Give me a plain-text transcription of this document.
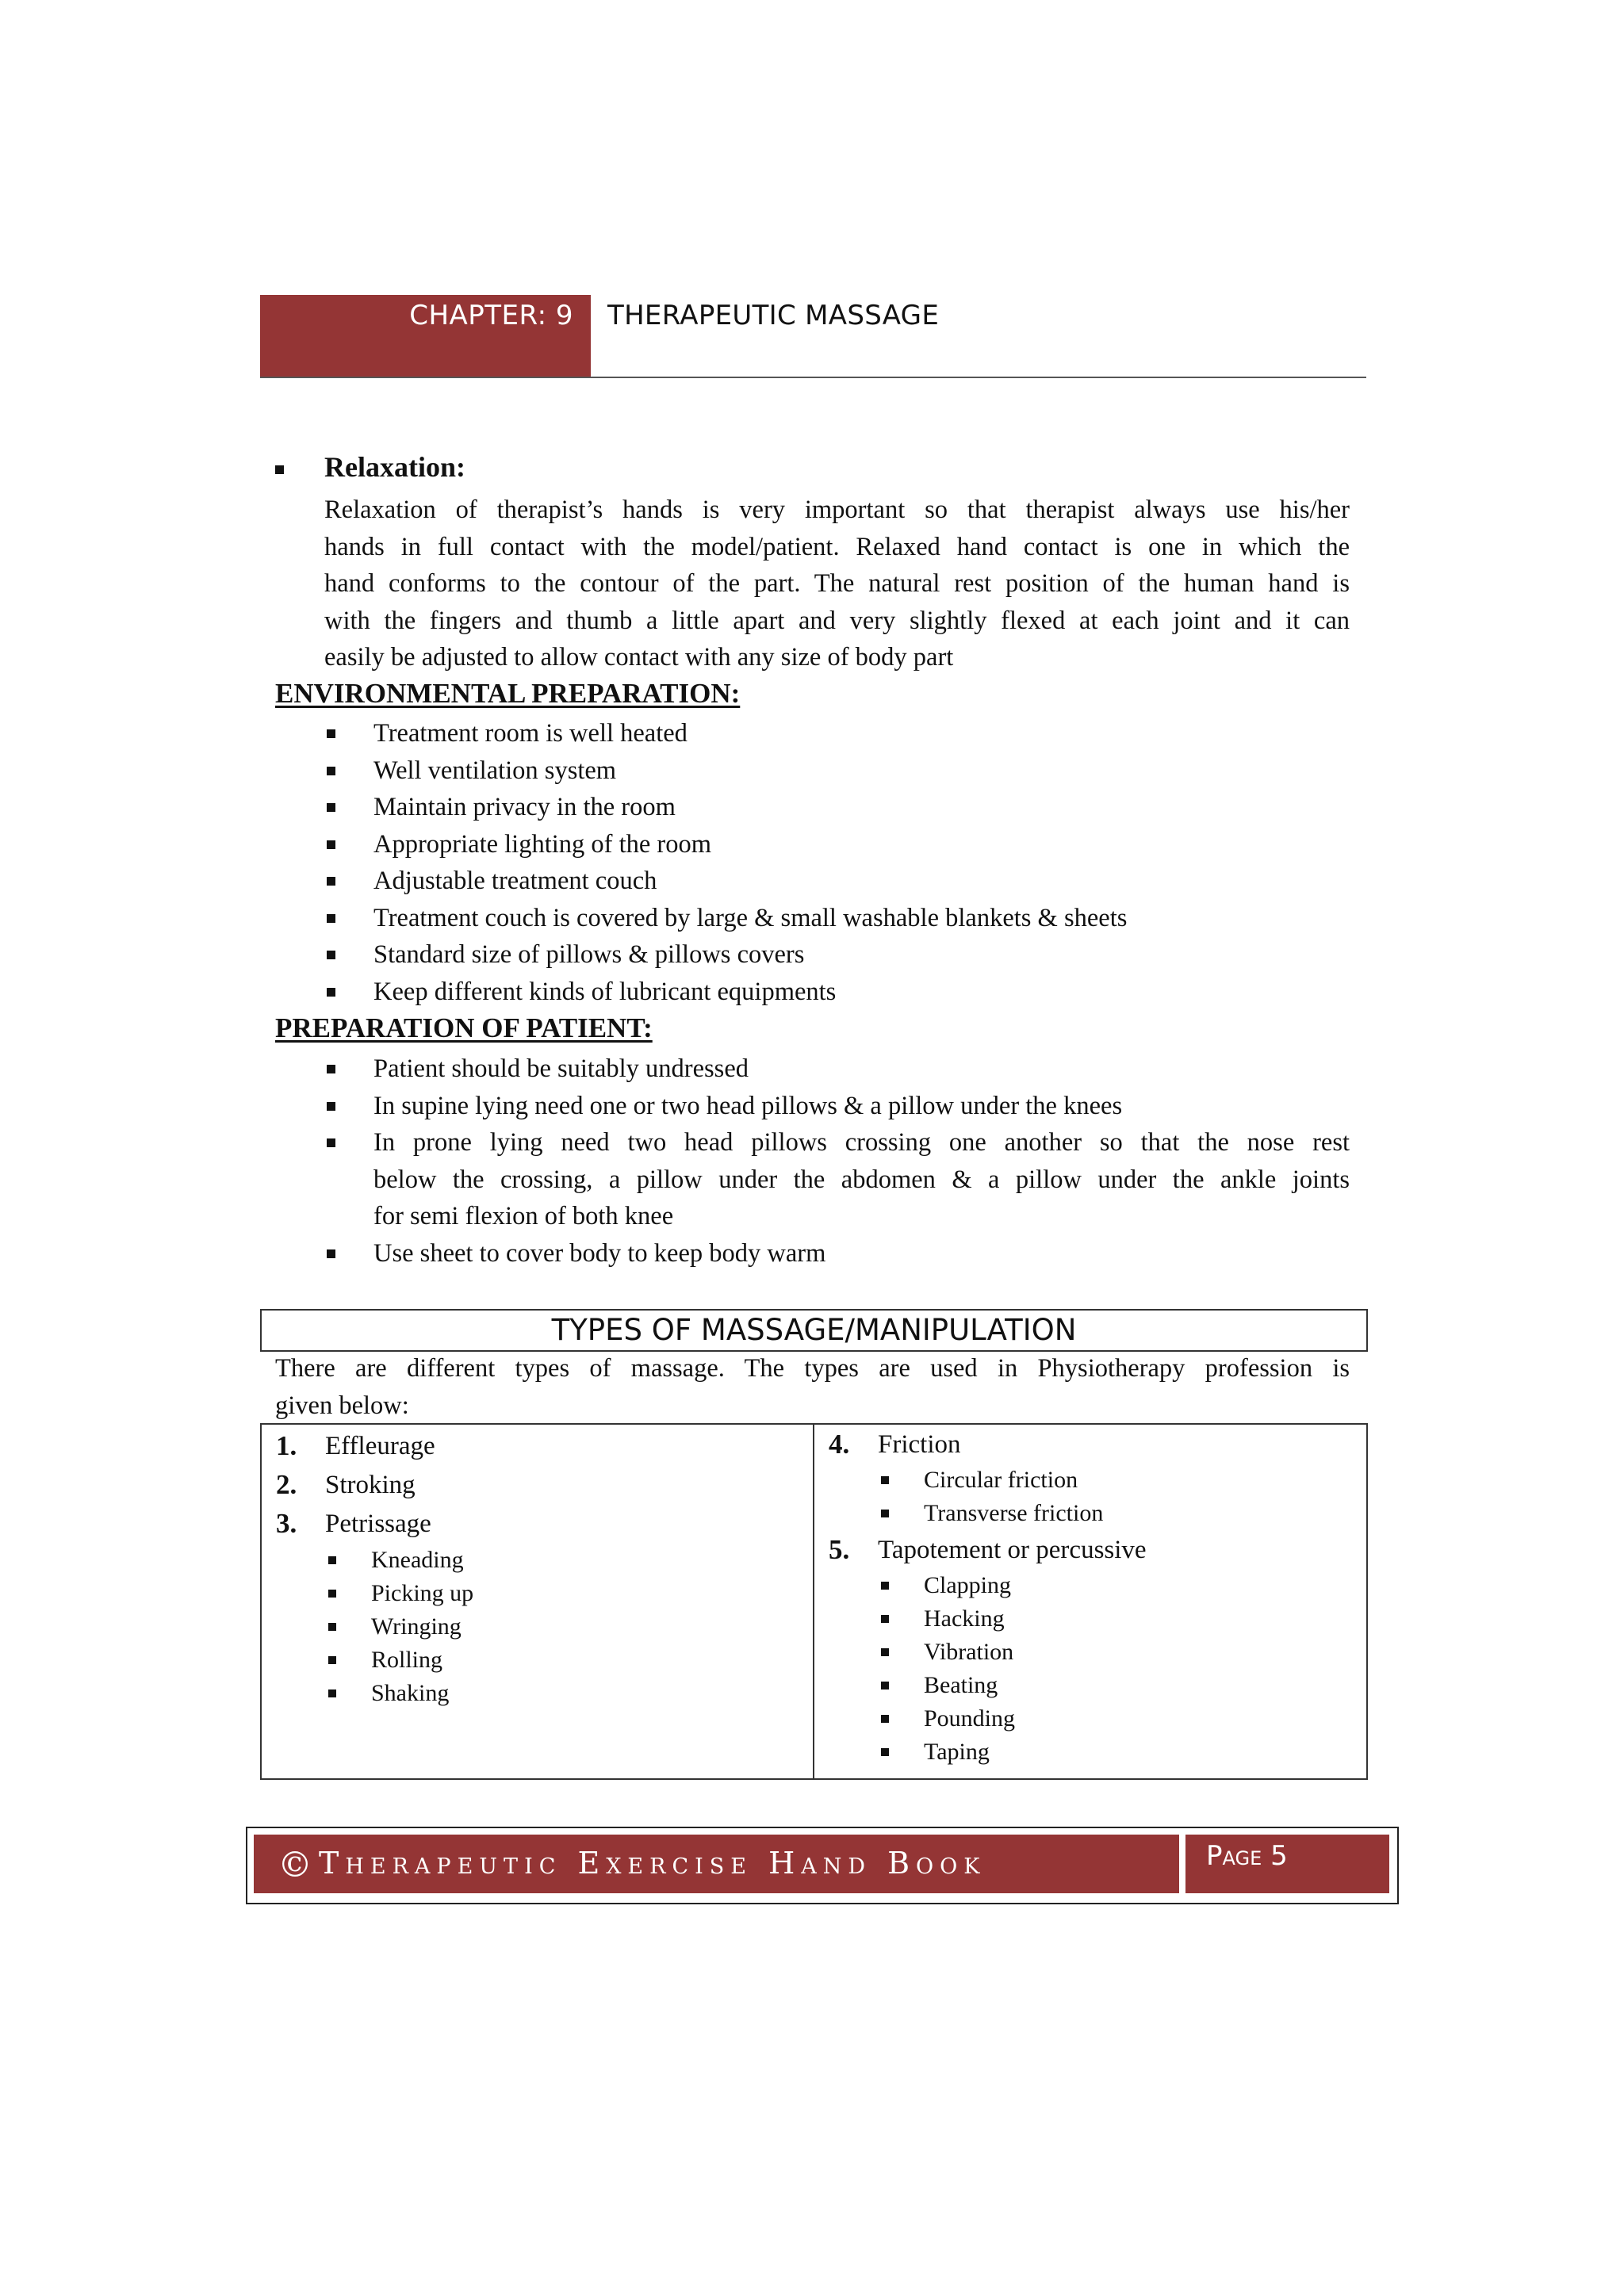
CHAPTER: 9 THERAPEUTIC MASSAGE
Relaxation:
Relaxation of therapist’s hands is very important so that therapist always use his/her
hands in full contact with the model/patient. Relaxed hand contact is one in which the
hand conforms to the contour of the part. The natural rest position of the human hand is
with the fingers and thumb a little apart and very slightly flexed at each joint and it can
easily be adjusted to allow contact with any size of body part
ENVIRONMENTAL PREPARATION:
Treatment room is well heated
Well ventilation system
Maintain privacy in the room
Appropriate lighting of the room
Adjustable treatment couch
Treatment couch is covered by large & small washable blankets & sheets
Standard size of pillows & pillows covers
Keep different kinds of lubricant equipments
PREPARATION OF PATIENT:
Patient should be suitably undressed
In supine lying need one or two head pillows & a pillow under the knees
In prone lying need two head pillows crossing one another so that the nose rest
below the crossing, a pillow under the abdomen & a pillow under the ankle joints
for semi flexion of both knee
Use sheet to cover body to keep body warm
TYPES OF MASSAGE/MANIPULATION
There are different types of massage. The types are used in Physiotherapy profession is
given below:
1. Effleurage
2. Stroking
3. Petrissage
Kneading
Picking up
Wringing
Rolling
Shaking
4. Friction
Circular friction
Transverse friction
5. Tapotement or percussive
Clapping
Hacking
Vibration
Beating
Pounding
Taping
© Therapeutic Exercise Hand Book	Page 5
